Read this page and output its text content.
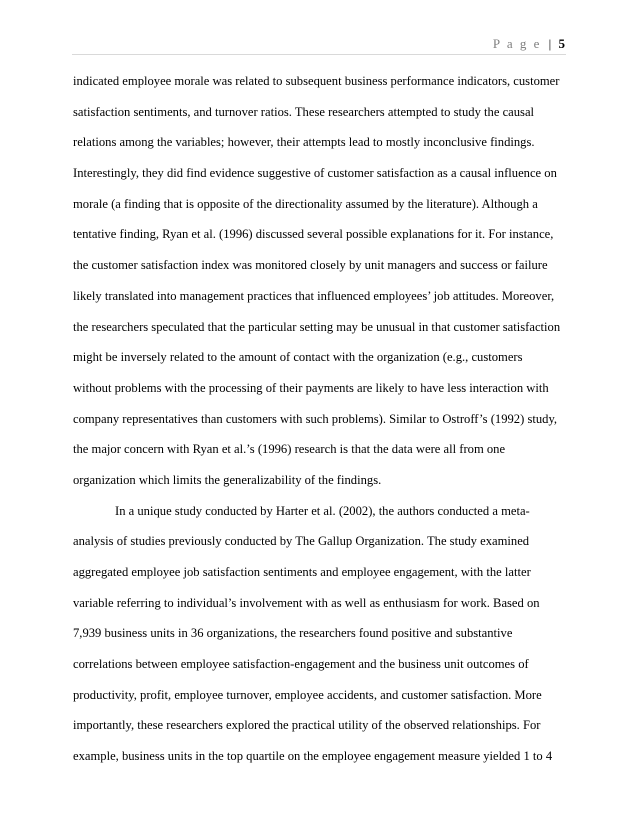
P a g e | 5
indicated employee morale was related to subsequent business performance indicators, customer
satisfaction sentiments, and turnover ratios. These researchers attempted to study the causal
relations among the variables; however, their attempts lead to mostly inconclusive findings.
Interestingly, they did find evidence suggestive of customer satisfaction as a causal influence on
morale (a finding that is opposite of the directionality assumed by the literature). Although a
tentative finding, Ryan et al. (1996) discussed several possible explanations for it. For instance,
the customer satisfaction index was monitored closely by unit managers and success or failure
likely translated into management practices that influenced employees’ job attitudes. Moreover,
the researchers speculated that the particular setting may be unusual in that customer satisfaction
might be inversely related to the amount of contact with the organization (e.g., customers
without problems with the processing of their payments are likely to have less interaction with
company representatives than customers with such problems). Similar to Ostroff’s (1992) study,
the major concern with Ryan et al.’s (1996) research is that the data were all from one
organization which limits the generalizability of the findings.
In a unique study conducted by Harter et al. (2002), the authors conducted a meta-
analysis of studies previously conducted by The Gallup Organization. The study examined
aggregated employee job satisfaction sentiments and employee engagement, with the latter
variable referring to individual’s involvement with as well as enthusiasm for work. Based on
7,939 business units in 36 organizations, the researchers found positive and substantive
correlations between employee satisfaction-engagement and the business unit outcomes of
productivity, profit, employee turnover, employee accidents, and customer satisfaction. More
importantly, these researchers explored the practical utility of the observed relationships. For
example, business units in the top quartile on the employee engagement measure yielded 1 to 4
